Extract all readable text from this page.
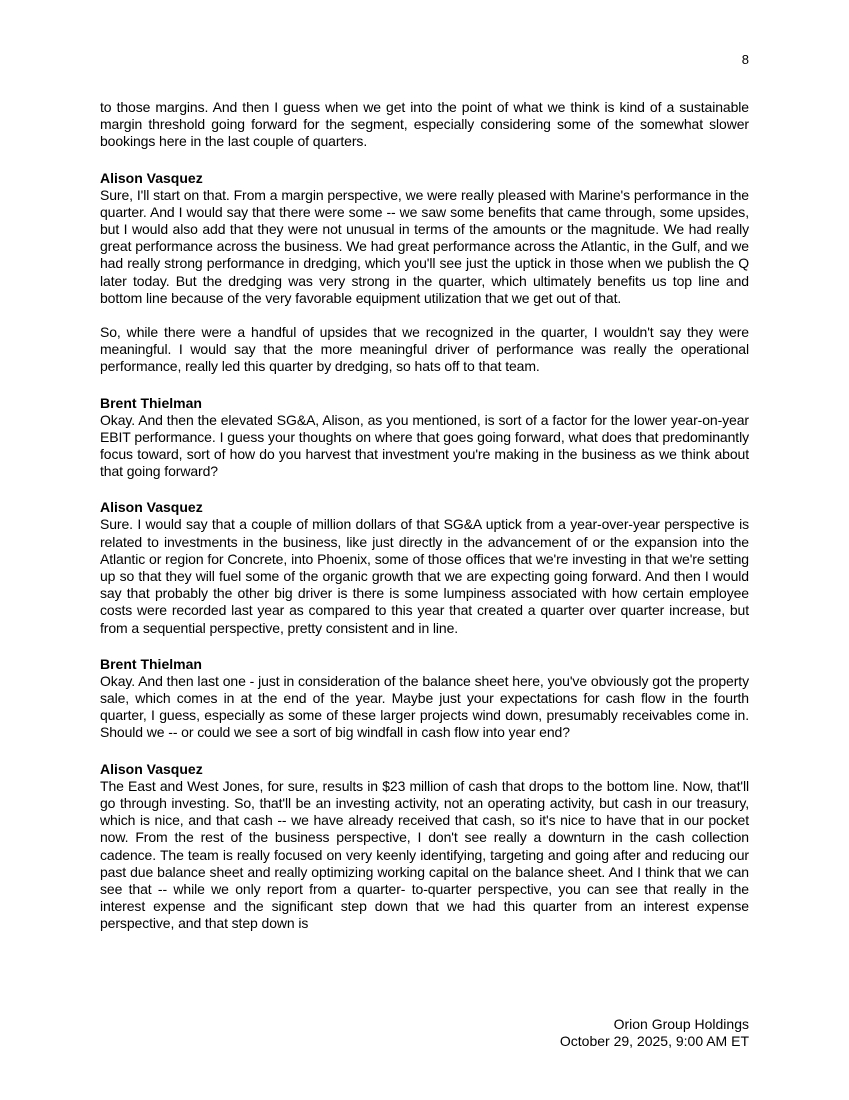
8

to those margins. And then I guess when we get into the point of what we think is kind of a sustainable margin threshold going forward for the segment, especially considering some of the somewhat slower bookings here in the last couple of quarters.

Alison Vasquez

Sure, I'll start on that. From a margin perspective, we were really pleased with Marine's performance in the quarter. And I would say that there were some -- we saw some benefits that came through, some upsides, but I would also add that they were not unusual in terms of the amounts or the magnitude. We had really great performance across the business. We had great performance across the Atlantic, in the Gulf, and we had really strong performance in dredging, which you'll see just the uptick in those when we publish the Q later today. But the dredging was very strong in the quarter, which ultimately benefits us top line and bottom line because of the very favorable equipment utilization that we get out of that.

So, while there were a handful of upsides that we recognized in the quarter, I wouldn't say they were meaningful. I would say that the more meaningful driver of performance was really the operational performance, really led this quarter by dredging, so hats off to that team.

Brent Thielman

Okay. And then the elevated SG&A, Alison, as you mentioned, is sort of a factor for the lower year-on-year EBIT performance. I guess your thoughts on where that goes going forward, what does that predominantly focus toward, sort of how do you harvest that investment you're making in the business as we think about that going forward?

Alison Vasquez

Sure. I would say that a couple of million dollars of that SG&A uptick from a year-over-year perspective is related to investments in the business, like just directly in the advancement of or the expansion into the Atlantic or region for Concrete, into Phoenix, some of those offices that we're investing in that we're setting up so that they will fuel some of the organic growth that we are expecting going forward. And then I would say that probably the other big driver is there is some lumpiness associated with how certain employee costs were recorded last year as compared to this year that created a quarter over quarter increase, but from a sequential perspective, pretty consistent and in line.

Brent Thielman

Okay. And then last one - just in consideration of the balance sheet here, you've obviously got the property sale, which comes in at the end of the year. Maybe just your expectations for cash flow in the fourth quarter, I guess, especially as some of these larger projects wind down, presumably receivables come in. Should we -- or could we see a sort of big windfall in cash flow into year end?

Alison Vasquez

The East and West Jones, for sure, results in $23 million of cash that drops to the bottom line. Now, that'll go through investing. So, that'll be an investing activity, not an operating activity, but cash in our treasury, which is nice, and that cash -- we have already received that cash, so it's nice to have that in our pocket now. From the rest of the business perspective, I don't see really a downturn in the cash collection cadence. The team is really focused on very keenly identifying, targeting and going after and reducing our past due balance sheet and really optimizing working capital on the balance sheet. And I think that we can see that -- while we only report from a quarter- to-quarter perspective, you can see that really in the interest expense and the significant step down that we had this quarter from an interest expense perspective, and that step down is

Orion Group Holdings
October 29, 2025, 9:00 AM ET
